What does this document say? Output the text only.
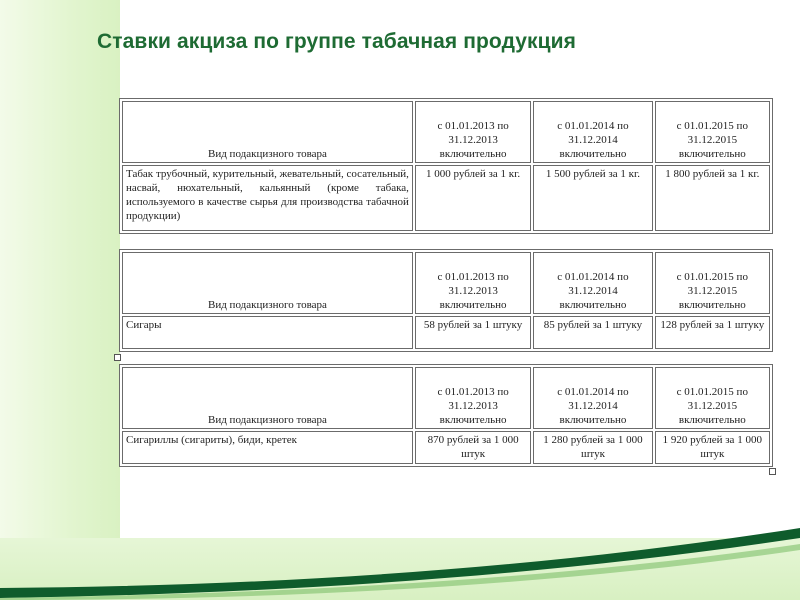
Ставки акциза по группе табачная продукция
Вид подакцизного товара	с 01.01.2013 по 31.12.2013 включительно	с 01.01.2014 по 31.12.2014 включительно	с 01.01.2015 по 31.12.2015 включительно
Табак трубочный, курительный, жевательный, сосательный, насвай, нюхательный, кальянный (кроме табака, используемого в качестве сырья для производства табачной продукции)	1 000 рублей за 1 кг.	1 500 рублей за 1 кг.	1 800 рублей за 1 кг.
Вид подакцизного товара	с 01.01.2013 по 31.12.2013 включительно	с 01.01.2014 по 31.12.2014 включительно	с 01.01.2015 по 31.12.2015 включительно
Сигары	58 рублей за 1 штуку	85 рублей за 1 штуку	128 рублей за 1 штуку
Вид подакцизного товара	с 01.01.2013 по 31.12.2013 включительно	с 01.01.2014 по 31.12.2014 включительно	с 01.01.2015 по 31.12.2015 включительно
Сигариллы (сигариты), биди, кретек	870 рублей за 1 000 штук	1 280 рублей за 1 000 штук	1 920 рублей за 1 000 штук
